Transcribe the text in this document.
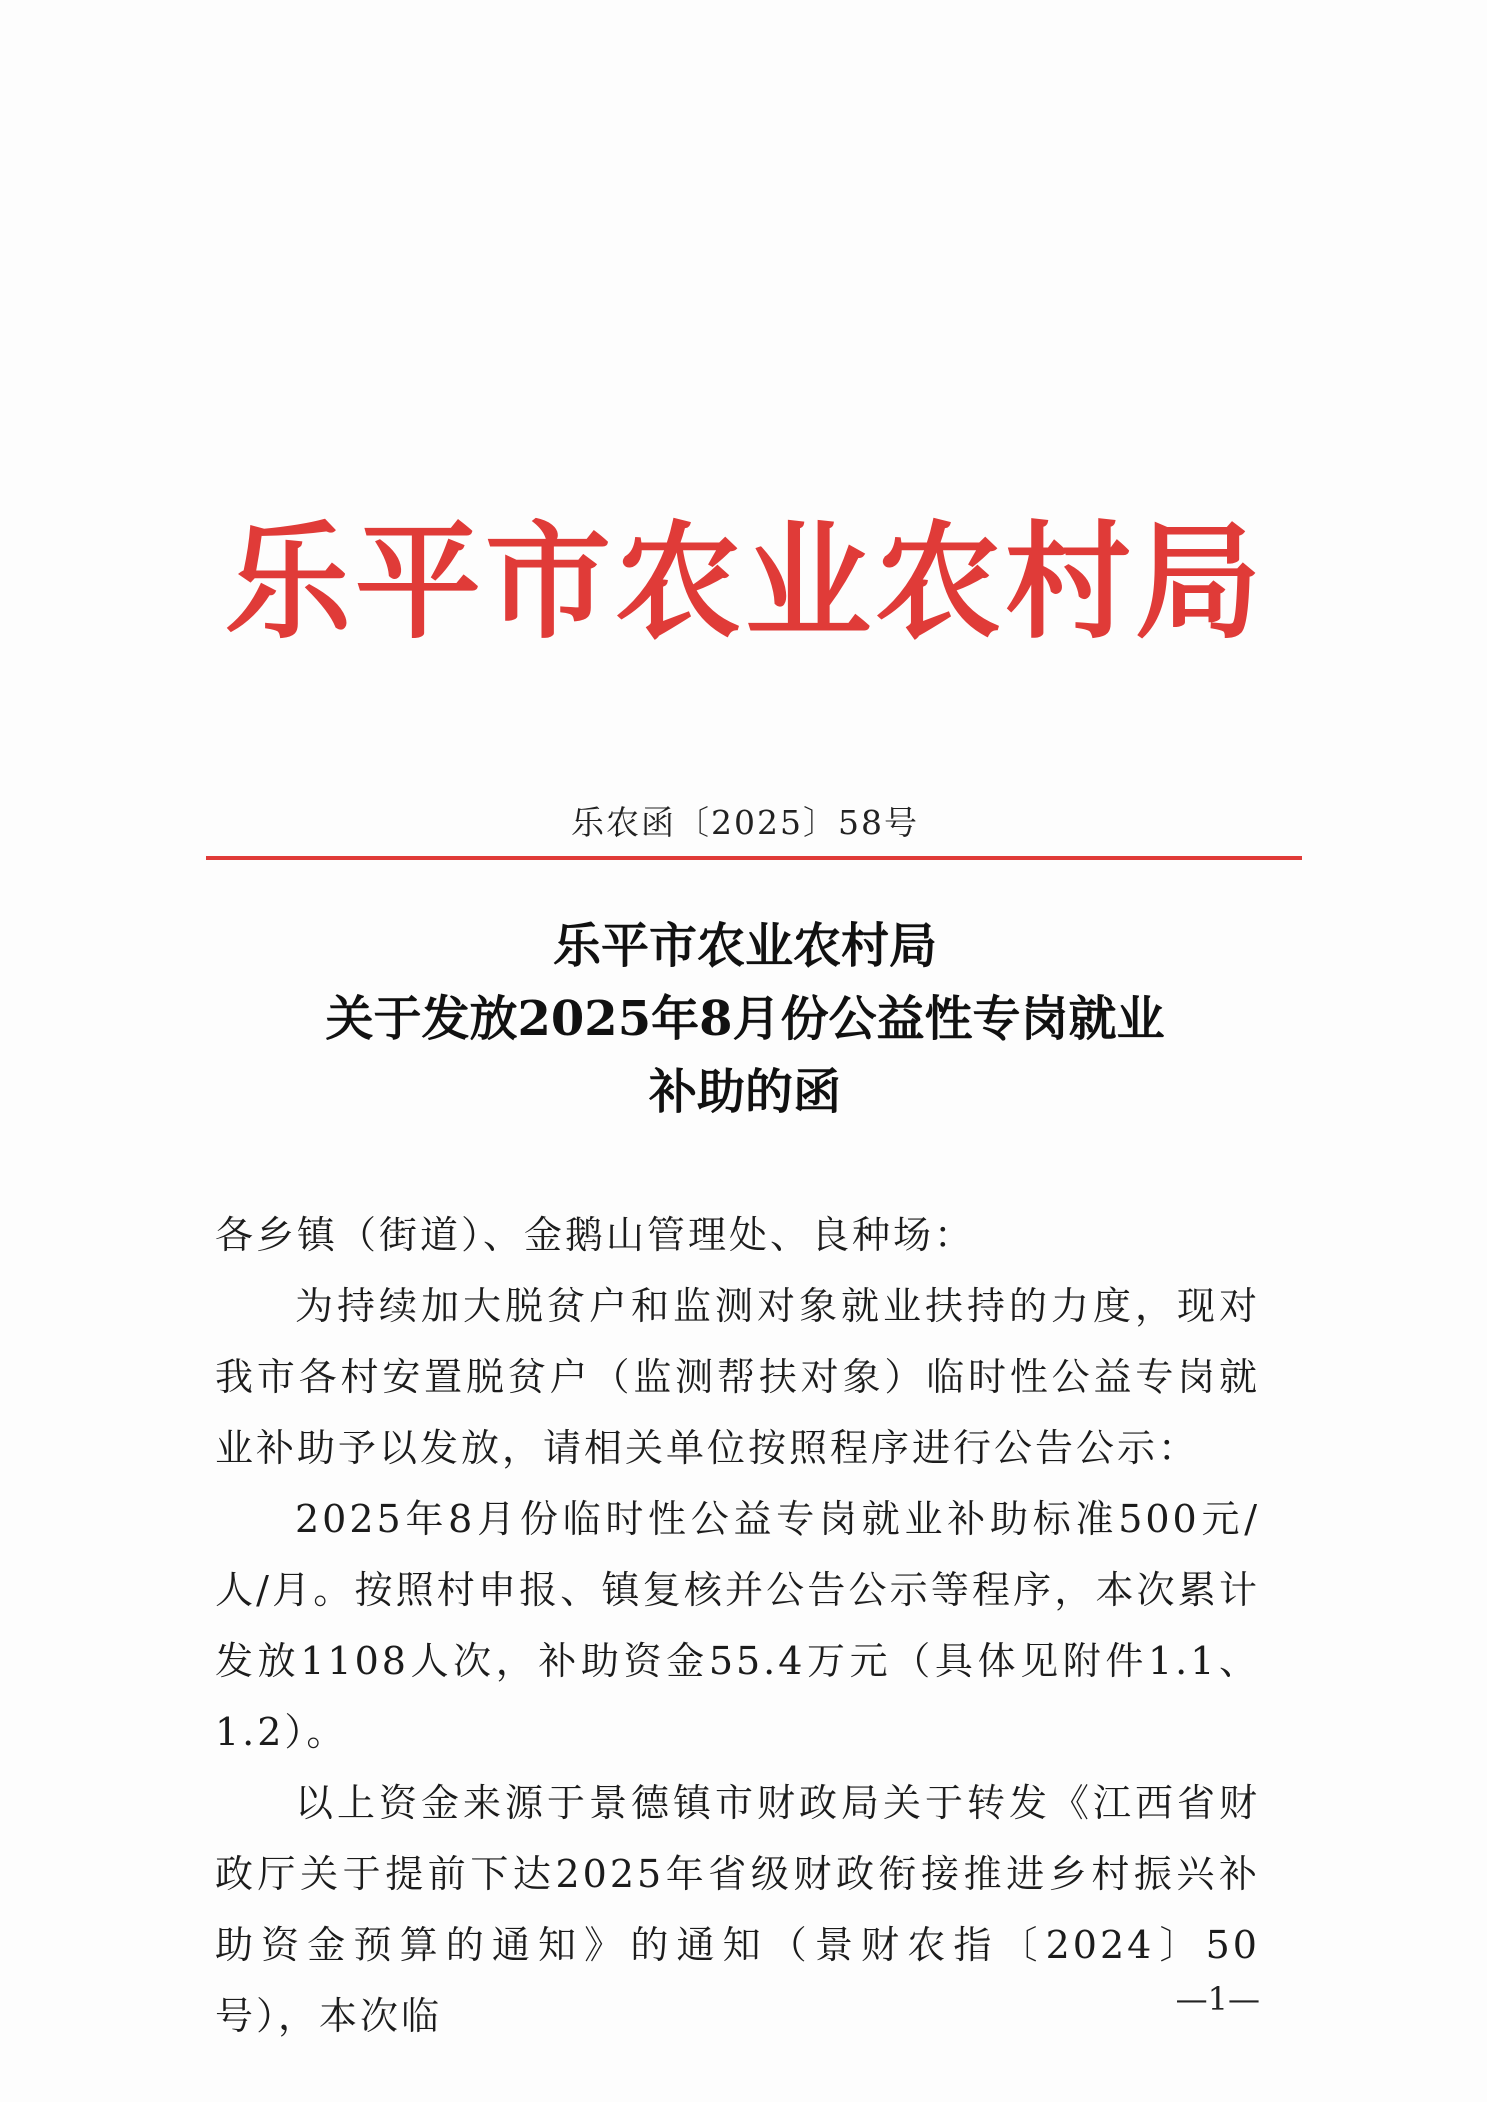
乐平市农业农村局
乐农函〔2025〕58号
乐平市农业农村局
关于发放2025年8月份公益性专岗就业
补助的函

各乡镇（街道）、金鹅山管理处、良种场：

为持续加大脱贫户和监测对象就业扶持的力度，现对我市各村安置脱贫户（监测帮扶对象）临时性公益专岗就业补助予以发放，请相关单位按照程序进行公告公示：

2025年8月份临时性公益专岗就业补助标准500元/人/月。按照村申报、镇复核并公告公示等程序，本次累计发放1108人次，补助资金55.4万元（具体见附件1.1、1.2）。

以上资金来源于景德镇市财政局关于转发《江西省财政厅关于提前下达2025年省级财政衔接推进乡村振兴补助资金预算的通知》的通知（景财农指〔2024〕50号），本次临	—1—
